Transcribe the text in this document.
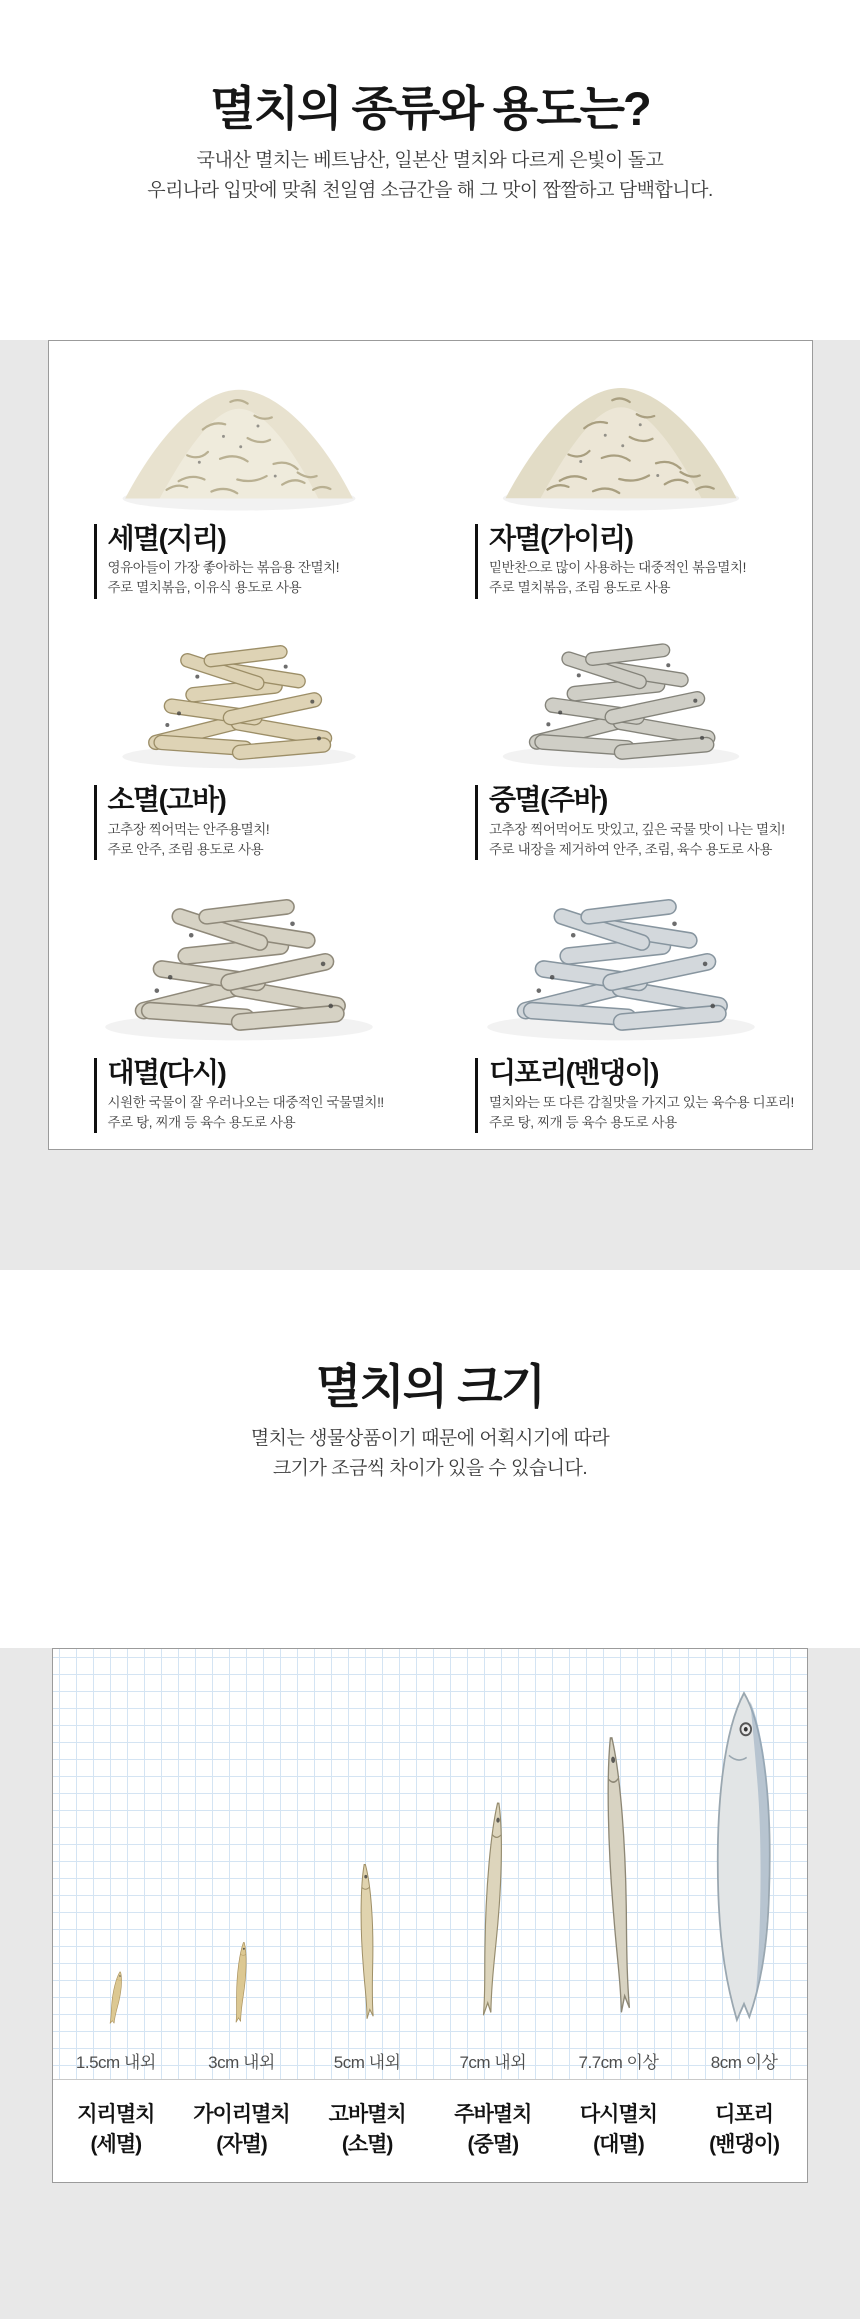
멸치의 종류와 용도는?
국내산 멸치는 베트남산, 일본산 멸치와 다르게 은빛이 돌고
우리나라 입맛에 맞춰 천일염 소금간을 해 그 맛이 짭짤하고 담백합니다.
세멸(지리)

영유아들이 가장 좋아하는 볶음용 잔멸치!

주로 멸치볶음, 이유식 용도로 사용

자멸(가이리)

밑반찬으로 많이 사용하는 대중적인 볶음멸치!

주로 멸치볶음, 조림 용도로 사용

소멸(고바)

고추장 찍어먹는 안주용멸치!

주로 안주, 조림 용도로 사용

중멸(주바)

고추장 찍어먹어도 맛있고, 깊은 국물 맛이 나는 멸치!

주로 내장을 제거하여 안주, 조림, 육수 용도로 사용

대멸(다시)

시원한 국물이 잘 우러나오는 대중적인 국물멸치!!

주로 탕, 찌개 등 육수 용도로 사용

디포리(밴댕이)

멸치와는 또 다른 감칠맛을 가지고 있는 육수용 디포리!

주로 탕, 찌개 등 육수 용도로 사용

멸치의 크기
멸치는 생물상품이기 때문에 어획시기에 따라
크기가 조금씩 차이가 있을 수 있습니다.
1.5cm 내외	3cm 내외	5cm 내외	7cm 내외	7.7cm 이상	8cm 이상
지리멸치
(세멸)
가이리멸치
(자멸)
고바멸치
(소멸)
주바멸치
(중멸)
다시멸치
(대멸)
디포리
(밴댕이)
